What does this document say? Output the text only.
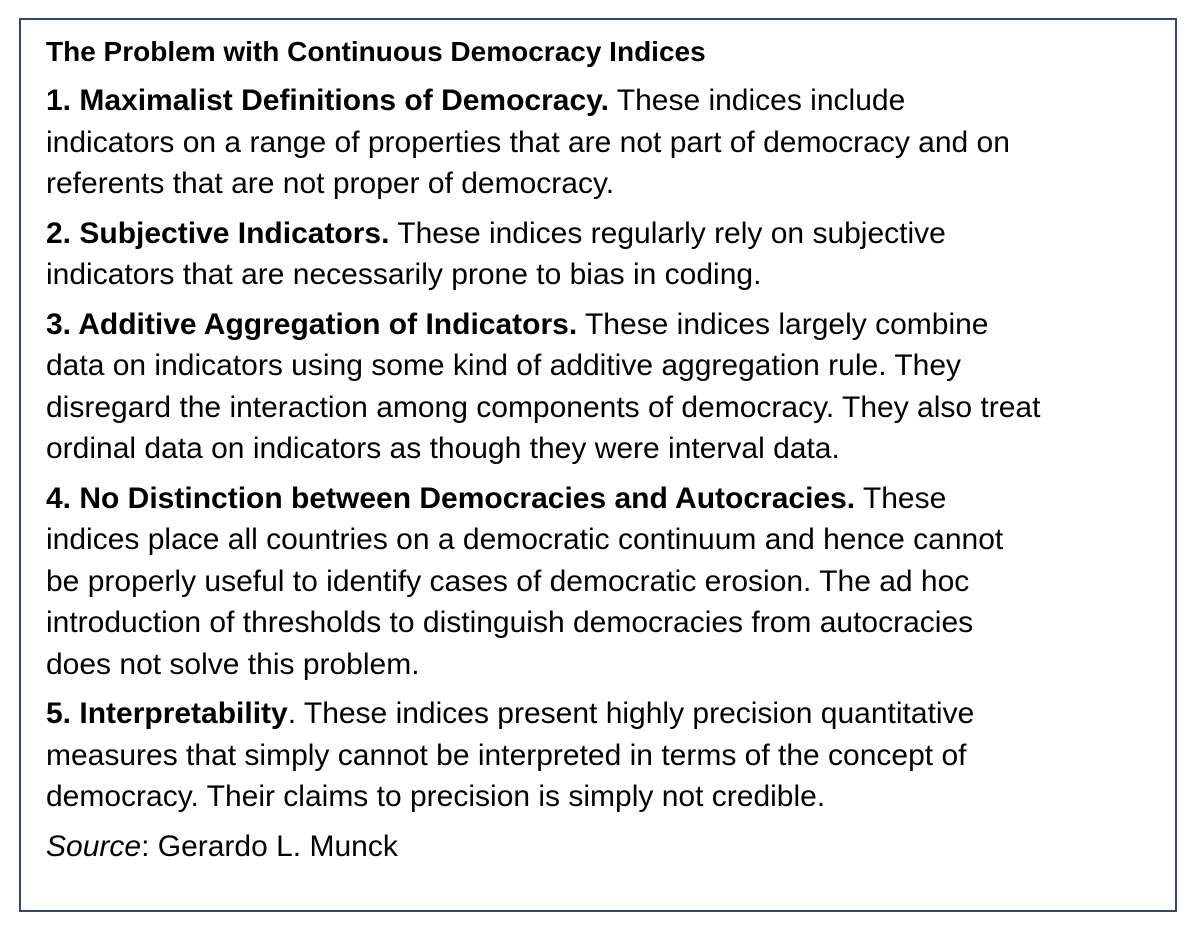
The Problem with Continuous Democracy Indices
1. Maximalist Definitions of Democracy. These indices include
indicators on a range of properties that are not part of democracy and on
referents that are not proper of democracy.
2. Subjective Indicators. These indices regularly rely on subjective
indicators that are necessarily prone to bias in coding.
3. Additive Aggregation of Indicators. These indices largely combine
data on indicators using some kind of additive aggregation rule. They
disregard the interaction among components of democracy. They also treat
ordinal data on indicators as though they were interval data.
4. No Distinction between Democracies and Autocracies. These
indices place all countries on a democratic continuum and hence cannot
be properly useful to identify cases of democratic erosion. The ad hoc
introduction of thresholds to distinguish democracies from autocracies
does not solve this problem.
5. Interpretability. These indices present highly precision quantitative
measures that simply cannot be interpreted in terms of the concept of
democracy. Their claims to precision is simply not credible.
Source: Gerardo L. Munck
